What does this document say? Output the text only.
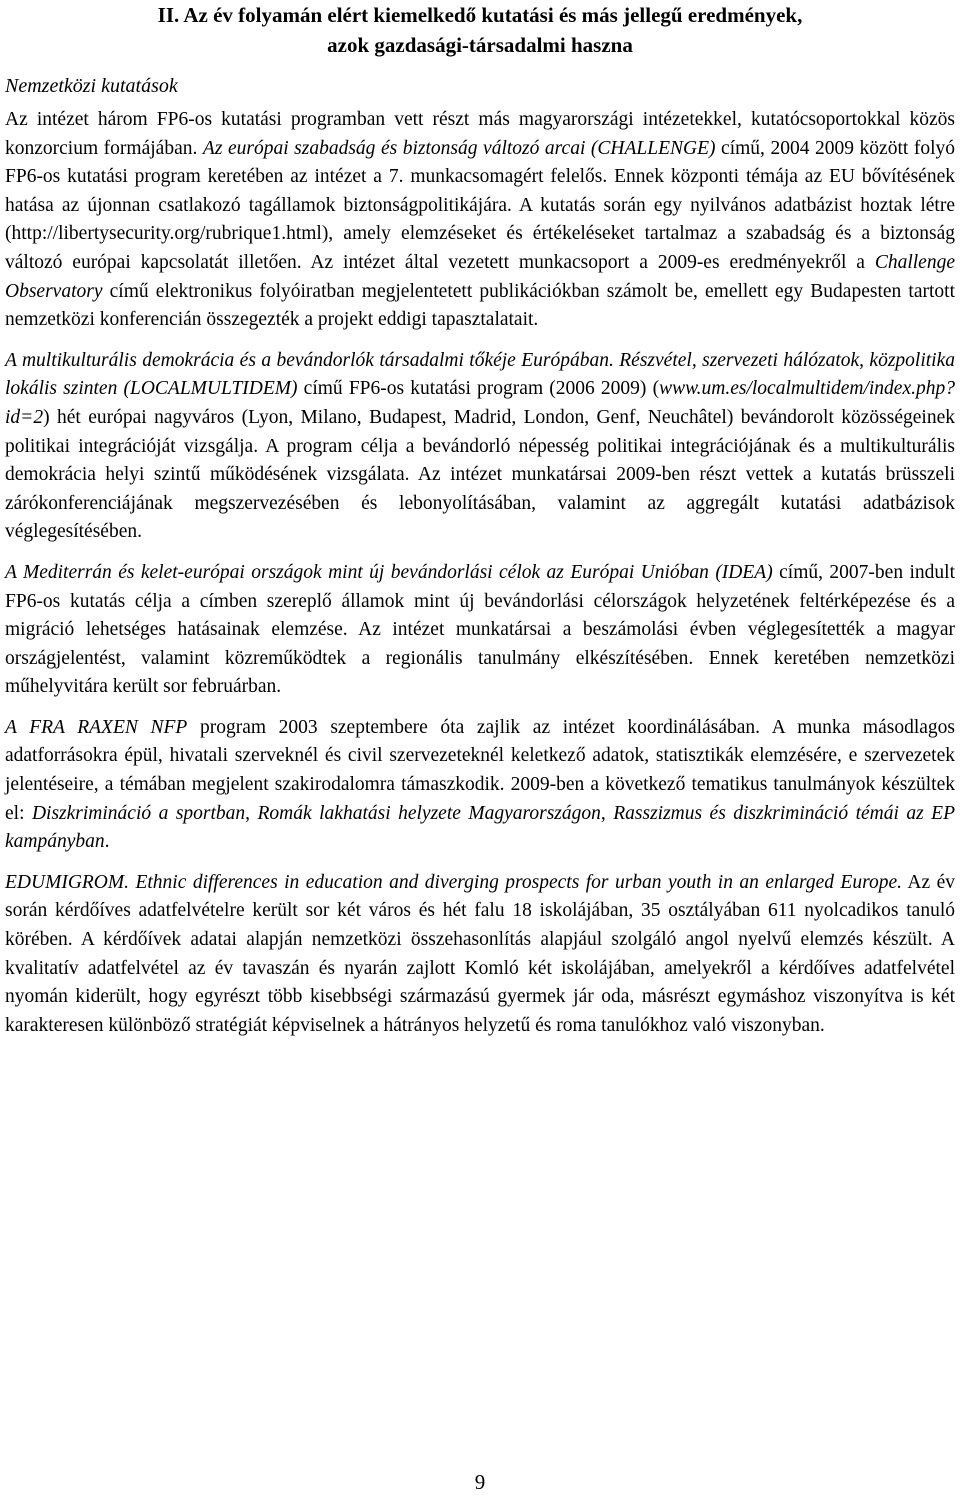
II. Az év folyamán elért kiemelkedő kutatási és más jellegű eredmények,
azok gazdasági-társadalmi haszna
Nemzetközi kutatások

Az intézet három FP6-os kutatási programban vett részt más magyarországi intézetekkel, kutatócsoportokkal közös konzorcium formájában. Az európai szabadság és biztonság változó arcai (CHALLENGE) című, 2004 2009 között folyó FP6-os kutatási program keretében az intézet a 7. munkacsomagért felelős. Ennek központi témája az EU bővítésének hatása az újonnan csatlakozó tagállamok biztonságpolitikájára. A kutatás során egy nyilvános adatbázist hoztak létre (http://libertysecurity.org/rubrique1.html), amely elemzéseket és értékeléseket tartalmaz a szabadság és a biztonság változó európai kapcsolatát illetően. Az intézet által vezetett munkacsoport a 2009-es eredményekről a Challenge Observatory című elektronikus folyóiratban megjelentetett publikációkban számolt be, emellett egy Budapesten tartott nemzetközi konferencián összegezték a projekt eddigi tapasztalatait.

A multikulturális demokrácia és a bevándorlók társadalmi tőkéje Európában. Részvétel, szervezeti hálózatok, közpolitika lokális szinten (LOCALMULTIDEM) című FP6-os kutatási program (2006 2009) (www.um.es/localmultidem/index.php?id=2) hét európai nagyváros (Lyon, Milano, Budapest, Madrid, London, Genf, Neuchâtel) bevándorolt közösségeinek politikai integrációját vizsgálja. A program célja a bevándorló népesség politikai integrációjának és a multikulturális demokrácia helyi szintű működésének vizsgálata. Az intézet munkatársai 2009-ben részt vettek a kutatás brüsszeli zárókonferenciájának megszervezésében és lebonyolításában, valamint az aggregált kutatási adatbázisok véglegesítésében.

A Mediterrán és kelet-európai országok mint új bevándorlási célok az Európai Unióban (IDEA) című, 2007-ben indult FP6-os kutatás célja a címben szereplő államok mint új bevándorlási célországok helyzetének feltérképezése és a migráció lehetséges hatásainak elemzése. Az intézet munkatársai a beszámolási évben véglegesítették a magyar országjelentést, valamint közreműködtek a regionális tanulmány elkészítésében. Ennek keretében nemzetközi műhelyvitára került sor februárban.

A FRA RAXEN NFP program 2003 szeptembere óta zajlik az intézet koordinálásában. A munka másodlagos adatforrásokra épül, hivatali szerveknél és civil szervezeteknél keletkező adatok, statisztikák elemzésére, e szervezetek jelentéseire, a témában megjelent szakirodalomra támaszkodik. 2009-ben a következő tematikus tanulmányok készültek el: Diszkrimináció a sportban, Romák lakhatási helyzete Magyarországon, Rasszizmus és diszkrimináció témái az EP kampányban.

EDUMIGROM. Ethnic differences in education and diverging prospects for urban youth in an enlarged Europe. Az év során kérdőíves adatfelvételre került sor két város és hét falu 18 iskolájában, 35 osztályában 611 nyolcadikos tanuló körében. A kérdőívek adatai alapján nemzetközi összehasonlítás alapjául szolgáló angol nyelvű elemzés készült. A kvalitatív adatfelvétel az év tavaszán és nyarán zajlott Komló két iskolájában, amelyekről a kérdőíves adatfelvétel nyomán kiderült, hogy egyrészt több kisebbségi származású gyermek jár oda, másrészt egymáshoz viszonyítva is két karakteresen különböző stratégiát képviselnek a hátrányos helyzetű és roma tanulókhoz való viszonyban.

9
